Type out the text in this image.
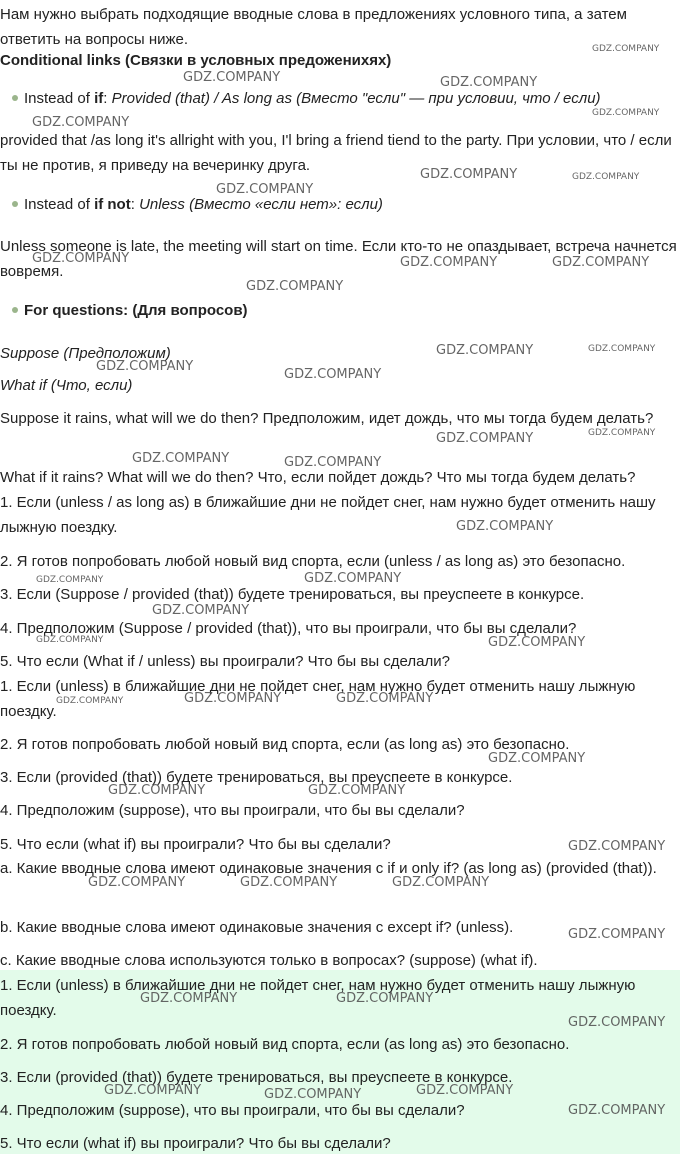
Нам нужно выбрать подходящие вводные слова в предложениях условного типа, а затем ответить на вопросы ниже.
Conditional links (Связки в условных предоженихях)
Instead of if: Provided (that) / As long as (Вместо "если" — при условии, что / если)
provided that /as long it's allright with you, I'l bring a friend tiend to the party. При условии, что / если ты не против, я приведу на вечеринку друга.
Instead of if not: Unless (Вместо «если нет»: если)
Unless someone is late, the meeting will start on time. Если кто-то не опаздывает, встреча начнется вовремя.
For questions: (Для вопросов)
Suppose (Предположим)
What if (Что, если)
Suppose it rains, what will we do then? Предположим, идет дождь, что мы тогда будем делать?
What if it rains? What will we do then? Что, если пойдет дождь? Что мы тогда будем делать?
1. Если (unless / as long as) в ближайшие дни не пойдет снег, нам нужно будет отменить нашу лыжную поездку.
2. Я готов попробовать любой новый вид спорта, если (unless / as long as) это безопасно.
3. Если (Suppose / provided (that)) будете тренироваться, вы преуспеете в конкурсе.
4. Предположим (Suppose / provided (that)), что вы проиграли, что бы вы сделали?
5. Что если (What if / unless) вы проиграли? Что бы вы сделали?
1. Если (unless) в ближайшие дни не пойдет снег, нам нужно будет отменить нашу лыжную поездку.
2. Я готов попробовать любой новый вид спорта, если (as long as) это безопасно.
3. Если (provided (that)) будете тренироваться, вы преуспеете в конкурсе.
4. Предположим (suppose), что вы проиграли, что бы вы сделали?
5. Что если (what if) вы проиграли? Что бы вы сделали?
a. Какие вводные слова имеют одинаковые значения с if и only if? (as long as) (provided (that)).
b. Какие вводные слова имеют одинаковые значения с except if? (unless).
c. Какие вводные слова используются только в вопросах? (suppose) (what if).
1. Если (unless) в ближайшие дни не пойдет снег, нам нужно будет отменить нашу лыжную поездку.
2. Я готов попробовать любой новый вид спорта, если (as long as) это безопасно.
3. Если (provided (that)) будете тренироваться, вы преуспеете в конкурсе.
4. Предположим (suppose), что вы проиграли, что бы вы сделали?
5. Что если (what if) вы проиграли? Что бы вы сделали?
GDZ.COMPANY
GDZ.COMPANY	GDZ.COMPANY
GDZ.COMPANY
GDZ.COMPANY
GDZ.COMPANY	GDZ.COMPANY
GDZ.COMPANY
GDZ.COMPANY	GDZ.COMPANY	GDZ.COMPANY
GDZ.COMPANY
GDZ.COMPANY	GDZ.COMPANY
GDZ.COMPANY
GDZ.COMPANY
GDZ.COMPANY	GDZ.COMPANY
GDZ.COMPANY	GDZ.COMPANY
GDZ.COMPANY
GDZ.COMPANY	GDZ.COMPANY
GDZ.COMPANY
GDZ.COMPANY
GDZ.COMPANY
GDZ.COMPANY	GDZ.COMPANY	GDZ.COMPANY
GDZ.COMPANY
GDZ.COMPANY	GDZ.COMPANY
GDZ.COMPANY
GDZ.COMPANY	GDZ.COMPANY	GDZ.COMPANY
GDZ.COMPANY
GDZ.COMPANY	GDZ.COMPANY
GDZ.COMPANY
GDZ.COMPANY	GDZ.COMPANY	GDZ.COMPANY
GDZ.COMPANY
